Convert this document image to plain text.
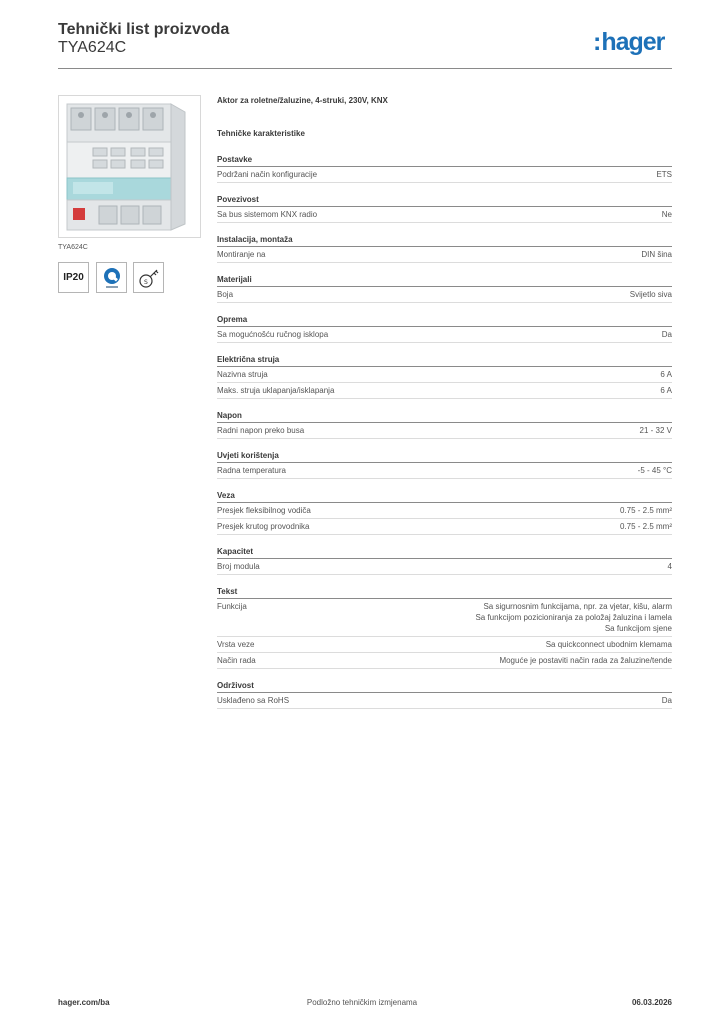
Tehnički list proizvoda
TYA624C	:hager
TYA624C
IP20	S
Aktor za roletne/žaluzine, 4-struki, 230V, KNX
Tehničke karakteristike
Postavke
Podržani način konfiguracije	ETS
Povezivost
Sa bus sistemom KNX radio	Ne
Instalacija, montaža
Montiranje na	DIN šina
Materijali
Boja	Svijetlo siva
Oprema
Sa mogućnošću ručnog isklopa	Da
Električna struja
Nazivna struja	6 A
Maks. struja uklapanja/isklapanja	6 A
Napon
Radni napon preko busa	21 - 32 V
Uvjeti korištenja
Radna temperatura	-5 - 45 °C
Veza
Presjek fleksibilnog vodiča	0.75 - 2.5 mm²
Presjek krutog provodnika	0.75 - 2.5 mm²
Kapacitet
Broj modula	4
Tekst
Funkcija	Sa sigurnosnim funkcijama, npr. za vjetar, kišu, alarm
Sa funkcijom pozicioniranja za položaj žaluzina i lamela
Sa funkcijom sjene
Vrsta veze	Sa quickconnect ubodnim klemama
Način rada	Moguće je postaviti način rada za žaluzine/tende
Održivost
Usklađeno sa RoHS	Da
hager.com/ba	Podložno tehničkim izmjenama	06.03.2026
